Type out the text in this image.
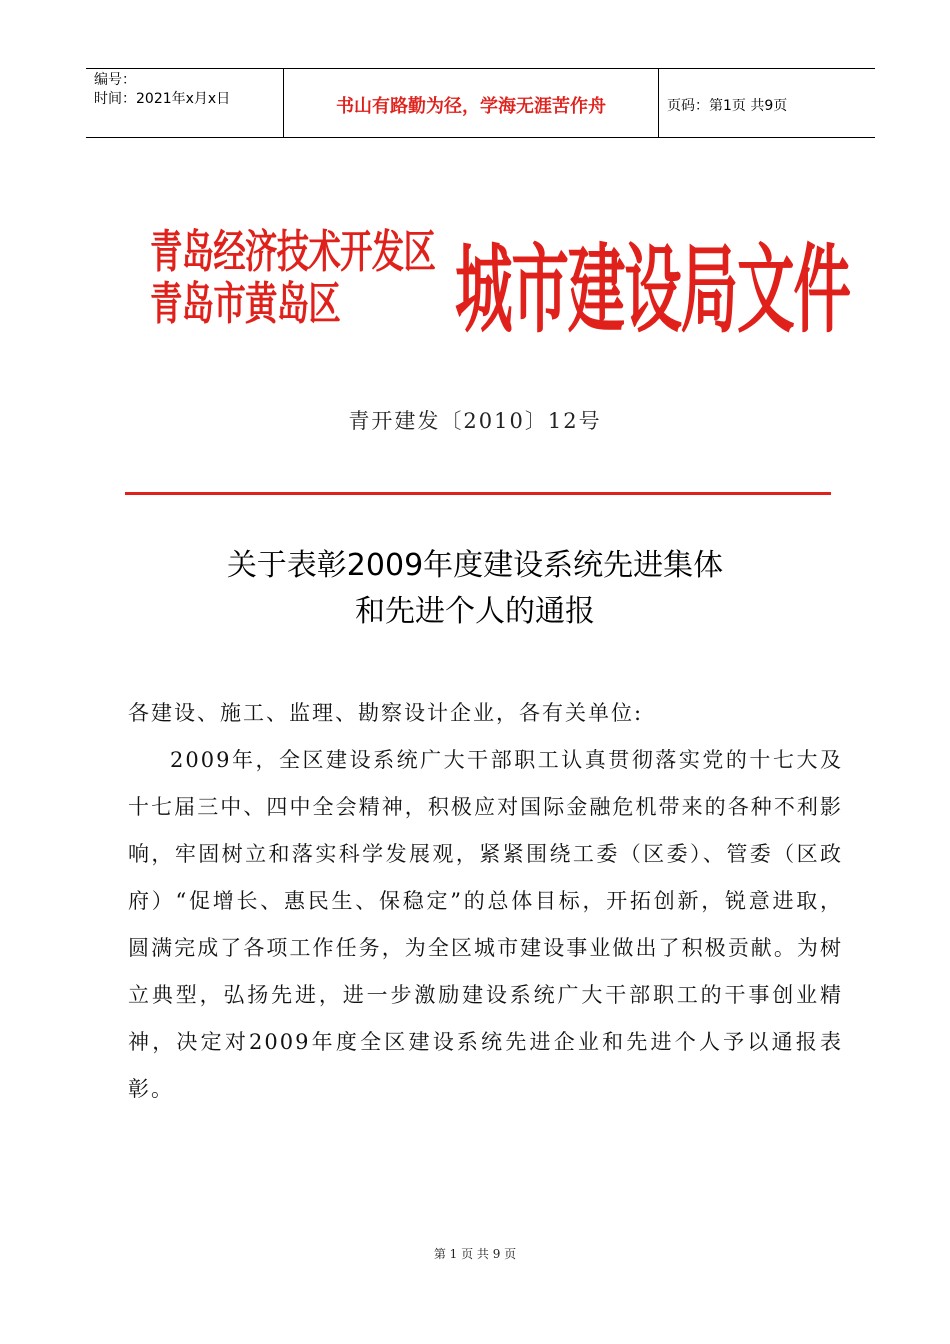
编号：
时间：2021年x月x日	书山有路勤为径，学海无涯苦作舟	页码：第1页 共9页
青岛经济技术开发区
青岛市黄岛区	城市建设局文件
青开建发〔2010〕12号
关于表彰2009年度建设系统先进集体
和先进个人的通报

各建设、施工、监理、勘察设计企业，各有关单位:

2009年，全区建设系统广大干部职工认真贯彻落实党的十七大及十七届三中、四中全会精神，积极应对国际金融危机带来的各种不利影响，牢固树立和落实科学发展观，紧紧围绕工委（区委）、管委（区政府）“促增长、惠民生、保稳定”的总体目标，开拓创新，锐意进取，圆满完成了各项工作任务，为全区城市建设事业做出了积极贡献。为树立典型，弘扬先进，进一步激励建设系统广大干部职工的干事创业精神，决定对2009年度全区建设系统先进企业和先进个人予以通报表彰。

第 1 页 共 9 页
